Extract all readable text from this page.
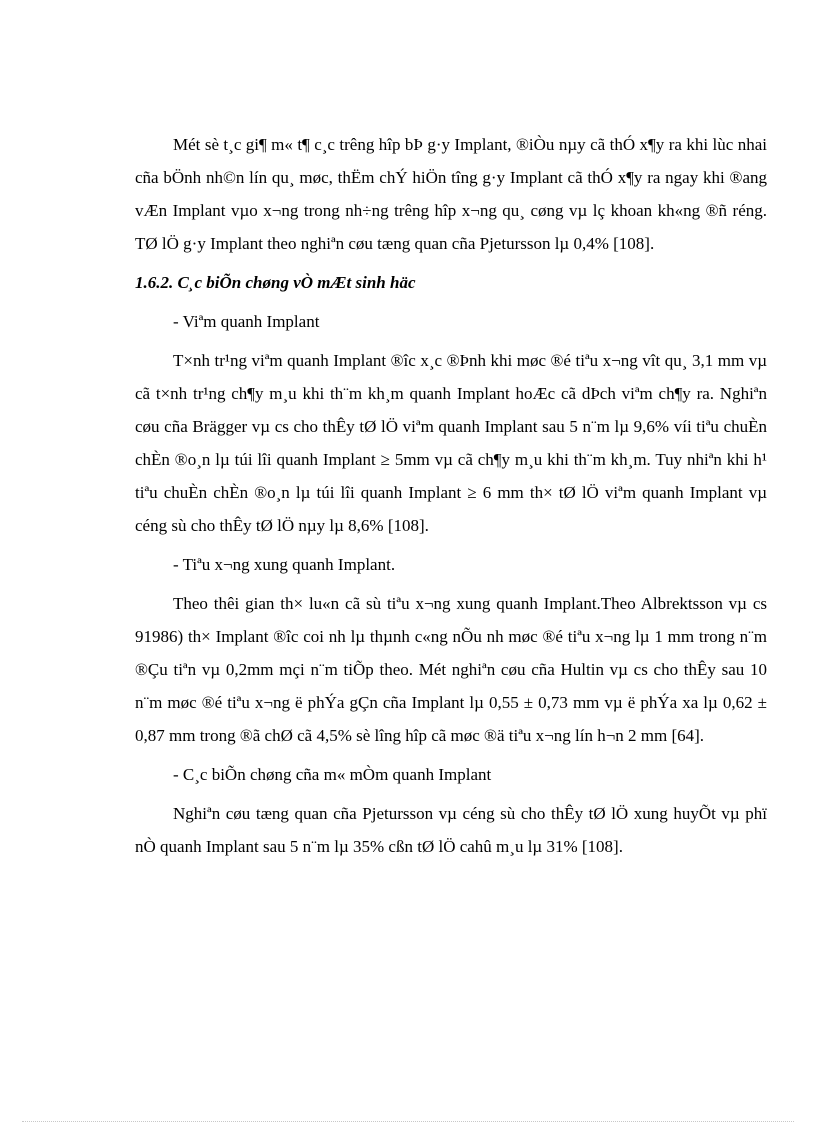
Mét sè t¸c gi¶ m« t¶ c¸c trêng hîp bÞ g·y Implant, ®iÒu nµy cã thÓ x¶y ra khi lùc nhai cña bÖnh nh©n lín qu¸ møc, thËm chÝ hiÖn tîng g·y Implant cã thÓ x¶y ra ngay khi ®ang vÆn Implant vµo x¬ng trong nh÷ng trêng hîp x¬ng qu¸ cøng vµ lç khoan kh«ng ®ñ réng. TØ lÖ g·y Implant theo nghiªn cøu tæng quan cña Pjetursson lµ 0,4% [108].

1.6.2. C¸c biÕn chøng vÒ mÆt sinh häc
- Viªm quanh Implant

T×nh tr¹ng viªm quanh Implant ®îc x¸c ®Þnh khi møc ®é tiªu x¬ng vît qu¸ 3,1 mm vµ cã t×nh tr¹ng ch¶y m¸u khi th¨m kh¸m quanh Implant hoÆc cã dÞch viªm ch¶y ra. Nghiªn cøu cña Brägger vµ cs cho thÊy tØ lÖ viªm quanh Implant sau 5 n¨m lµ 9,6% víi tiªu chuÈn chÈn ®o¸n lµ túi lîi quanh Implant ≥ 5mm vµ cã ch¶y m¸u khi th¨m kh¸m. Tuy nhiªn khi h¹ tiªu chuÈn chÈn ®o¸n lµ túi lîi quanh Implant ≥ 6 mm th× tØ lÖ viªm quanh Implant vµ céng sù cho thÊy tØ lÖ nµy lµ 8,6% [108].

- Tiªu x¬ng xung quanh Implant.

Theo thêi gian th× lu«n cã sù tiªu x¬ng xung quanh Implant.Theo Albrektsson vµ cs 91986) th× Implant ®îc coi nh lµ thµnh c«ng nÕu nh møc ®é tiªu x¬ng lµ 1 mm trong n¨m ®Çu tiªn vµ 0,2mm mçi n¨m tiÕp theo. Mét nghiªn cøu cña Hultin vµ cs cho thÊy sau 10 n¨m møc ®é tiªu x¬ng ë phÝa gÇn cña Implant lµ 0,55 ± 0,73 mm vµ ë phÝa xa lµ 0,62 ± 0,87 mm trong ®ã chØ cã 4,5% sè lîng hîp cã møc ®ä tiªu x¬ng lín h¬n 2 mm [64].

- C¸c biÕn chøng cña m« mÒm quanh Implant

Nghiªn cøu tæng quan cña Pjetursson vµ céng sù cho thÊy tØ lÖ xung huyÕt vµ phï nÒ quanh Implant sau 5 n¨m lµ 35% cßn tØ lÖ cahû m¸u lµ 31% [108].
